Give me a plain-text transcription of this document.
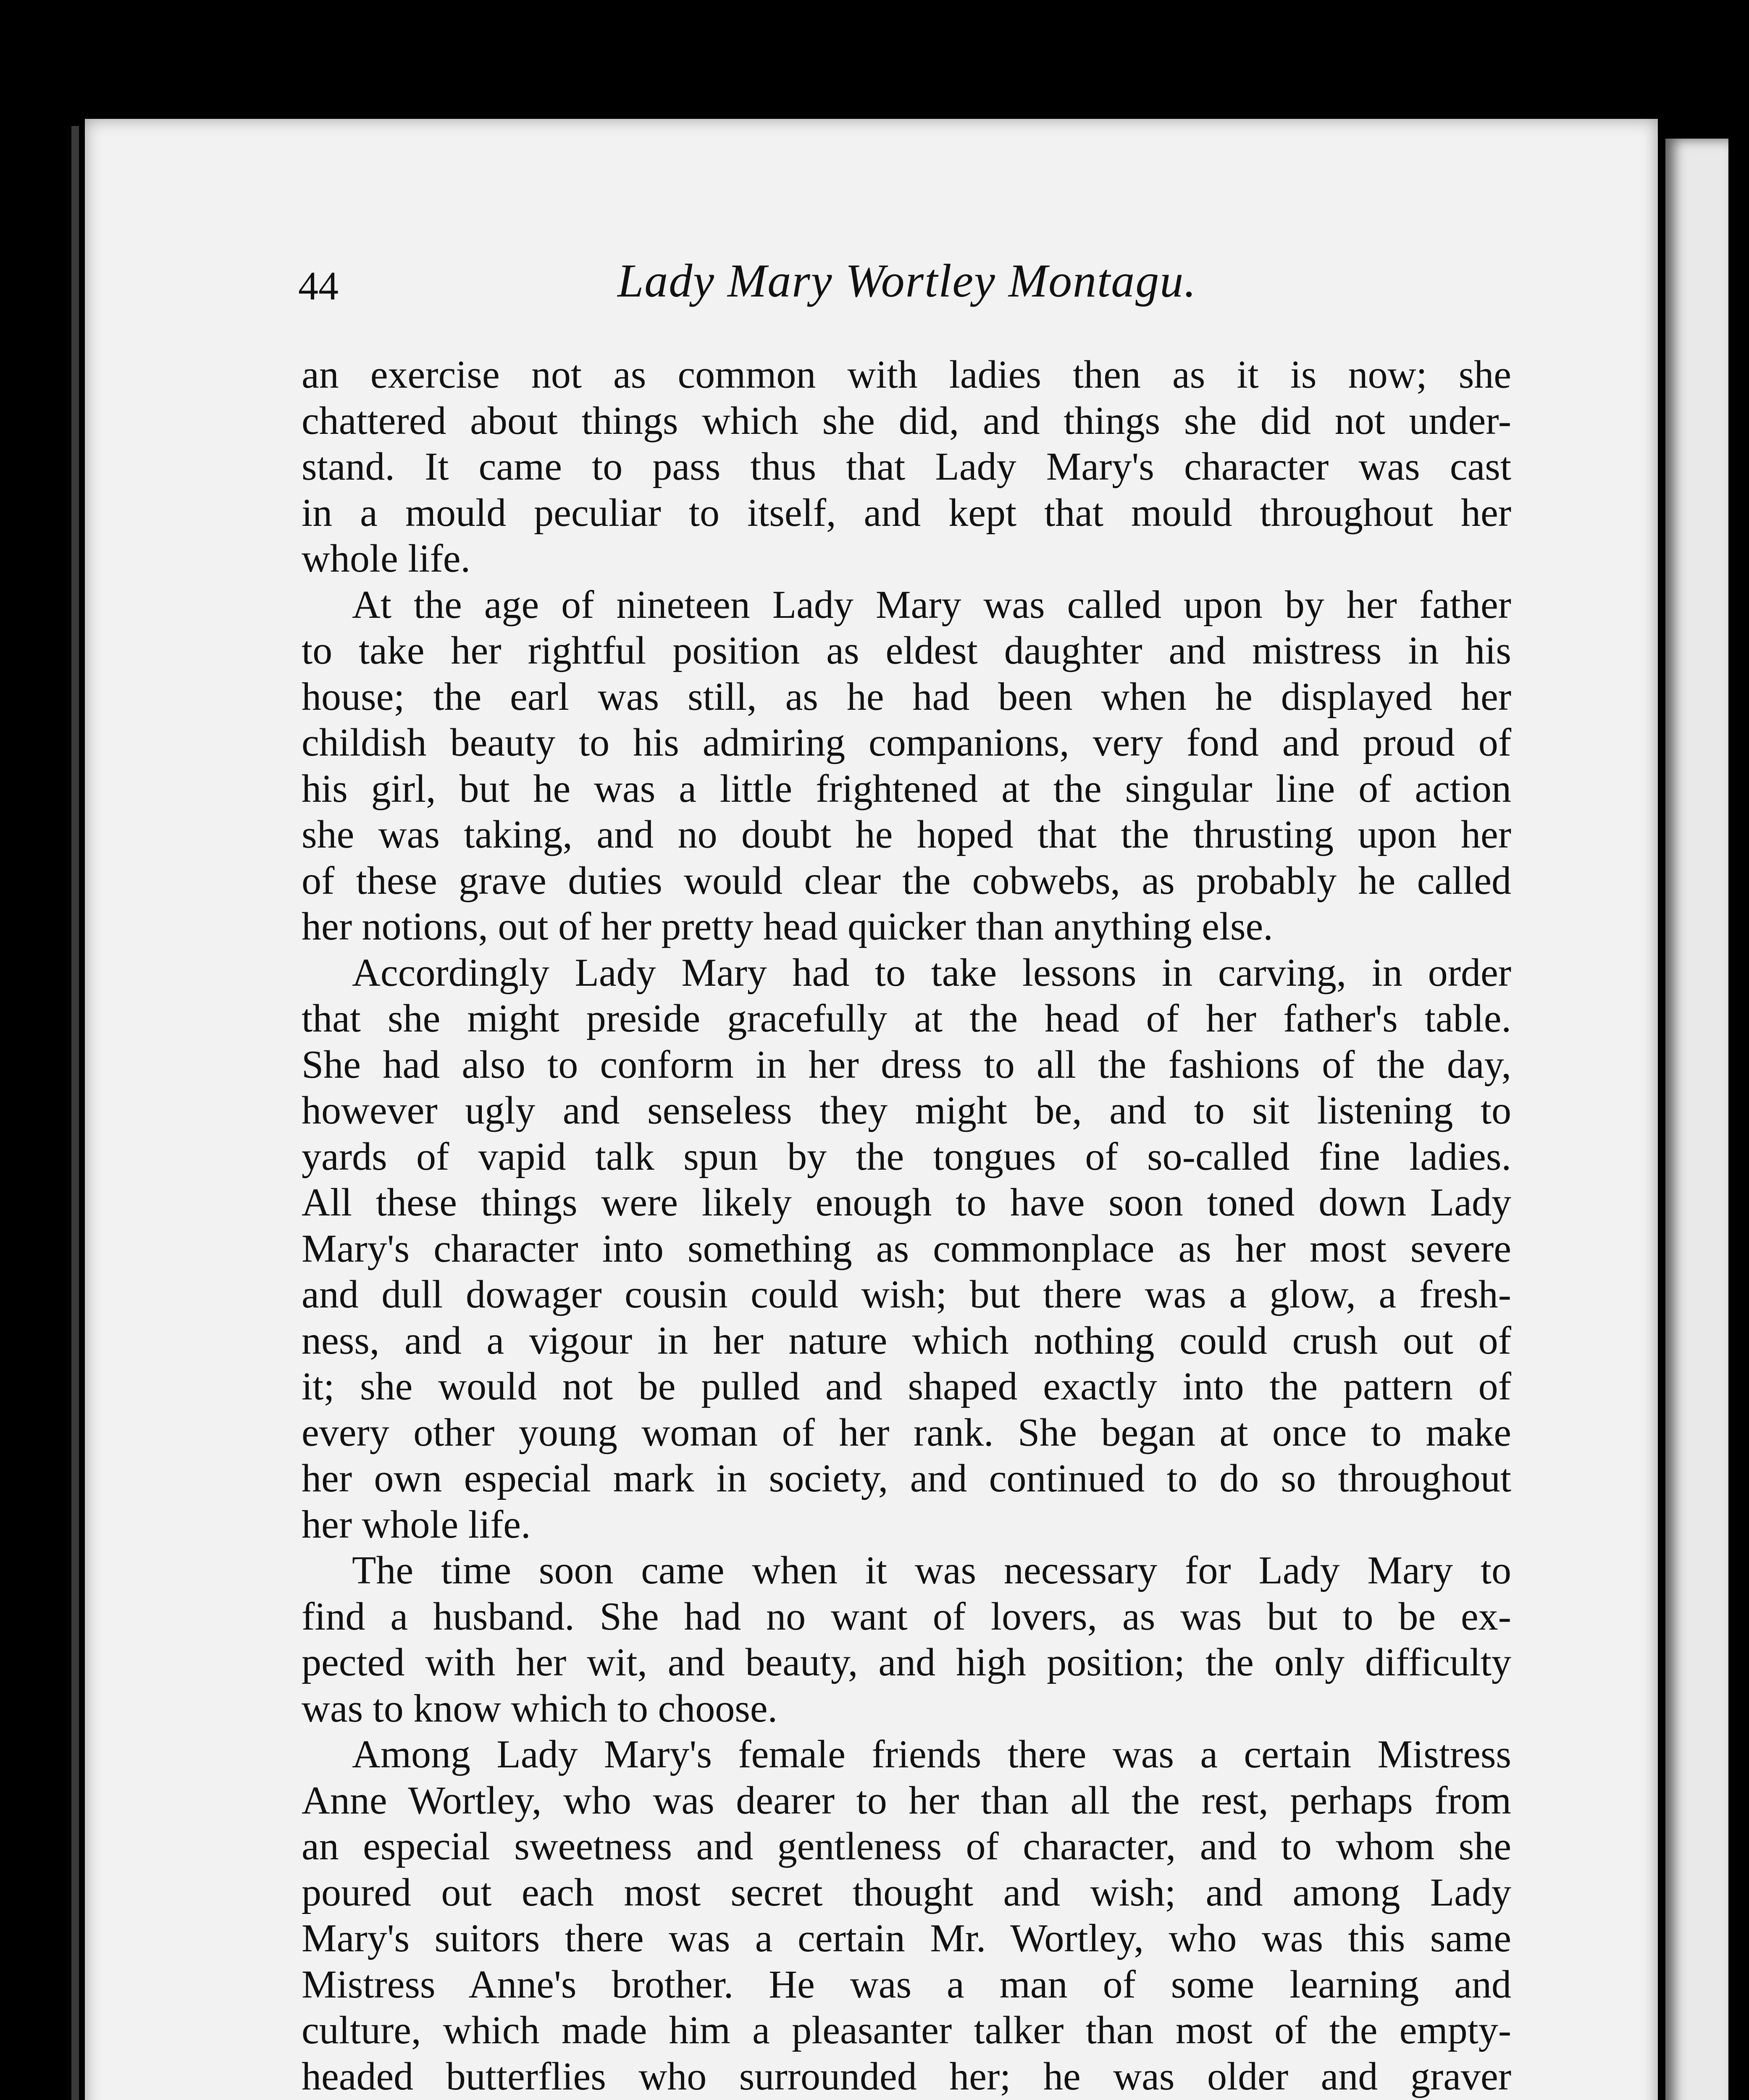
44	Lady Mary Wortley Montagu.
an exercise not as common with ladies then as it is now; she
chattered about things which she did, and things she did not under-
stand. It came to pass thus that Lady Mary's character was cast
in a mould peculiar to itself, and kept that mould throughout her
whole life.
At the age of nineteen Lady Mary was called upon by her father
to take her rightful position as eldest daughter and mistress in his
house; the earl was still, as he had been when he displayed her
childish beauty to his admiring companions, very fond and proud of
his girl, but he was a little frightened at the singular line of action
she was taking, and no doubt he hoped that the thrusting upon her
of these grave duties would clear the cobwebs, as probably he called
her notions, out of her pretty head quicker than anything else.
Accordingly Lady Mary had to take lessons in carving, in order
that she might preside gracefully at the head of her father's table.
She had also to conform in her dress to all the fashions of the day,
however ugly and senseless they might be, and to sit listening to
yards of vapid talk spun by the tongues of so-called fine ladies.
All these things were likely enough to have soon toned down Lady
Mary's character into something as commonplace as her most severe
and dull dowager cousin could wish; but there was a glow, a fresh-
ness, and a vigour in her nature which nothing could crush out of
it; she would not be pulled and shaped exactly into the pattern of
every other young woman of her rank. She began at once to make
her own especial mark in society, and continued to do so throughout
her whole life.
The time soon came when it was necessary for Lady Mary to
find a husband. She had no want of lovers, as was but to be ex-
pected with her wit, and beauty, and high position; the only difficulty
was to know which to choose.
Among Lady Mary's female friends there was a certain Mistress
Anne Wortley, who was dearer to her than all the rest, perhaps from
an especial sweetness and gentleness of character, and to whom she
poured out each most secret thought and wish; and among Lady
Mary's suitors there was a certain Mr. Wortley, who was this same
Mistress Anne's brother. He was a man of some learning and
culture, which made him a pleasanter talker than most of the empty-
headed butterflies who surrounded her; he was older and graver
